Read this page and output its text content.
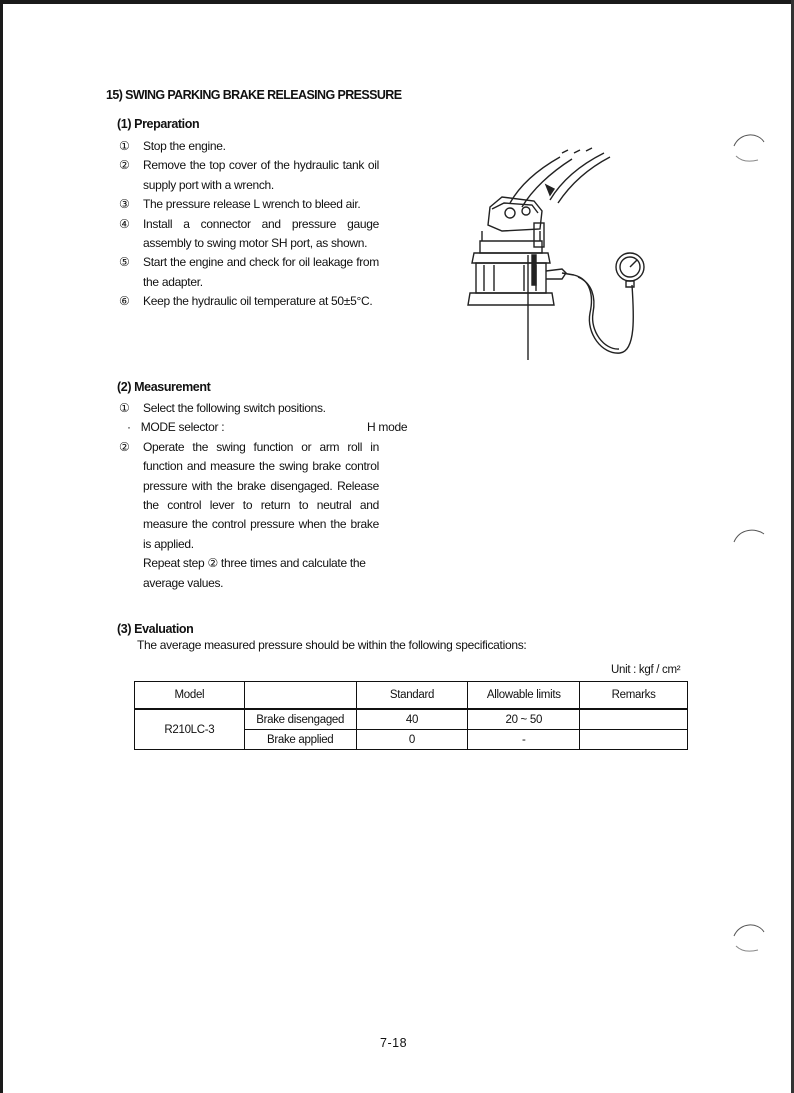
15) SWING PARKING BRAKE RELEASING PRESSURE
(1) Preparation
① Stop the engine.
② Remove the top cover of the hydraulic tank oil supply port with a wrench.
③ The pressure release L wrench to bleed air.
④ Install a connector and pressure gauge assembly to swing motor SH port, as shown.
⑤ Start the engine and check for oil leakage from the adapter.
⑥ Keep the hydraulic oil temperature at 50±5°C.
(2) Measurement
① Select the following switch positions.
· MODE selector :	H mode
② Operate the swing function or arm roll in function and measure the swing brake control pressure with the brake disengaged. Release the control lever to return to neutral and measure the control pressure when the brake is applied.
Repeat step ② three times and calculate the average values.
(3) Evaluation

The average measured pressure should be within the following specifications:

Unit : kgf / cm²
Model		Standard	Allowable limits	Remarks
R210LC-3	Brake disengaged	40	20 ~ 50	
	Brake applied	0	-	
7-18
